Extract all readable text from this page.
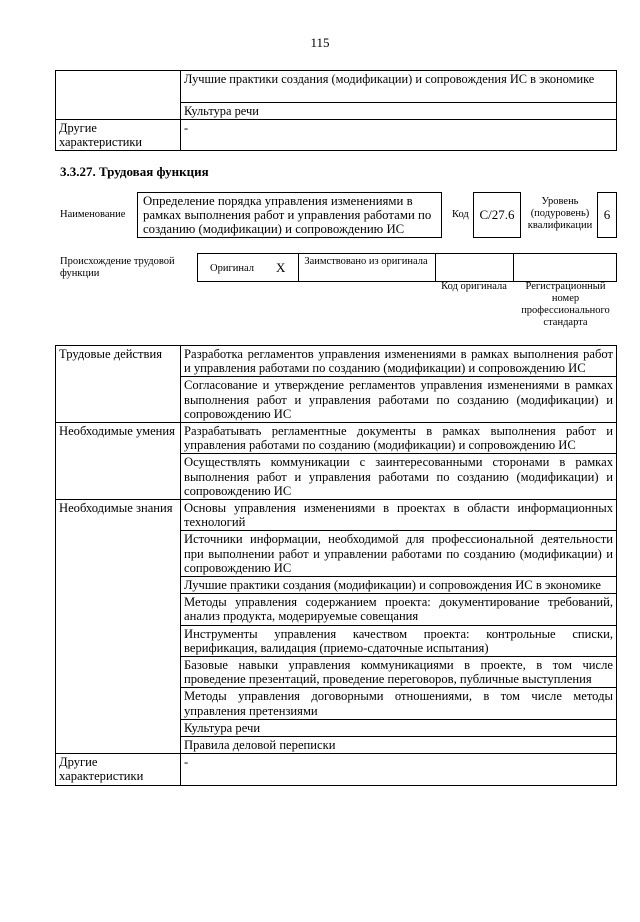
115
	Лучшие практики создания (модификации) и сопровождения ИС в экономике
	Культура речи
Другие характеристики	-
3.3.27. Трудовая функция
Наименование
Определение порядка управления изменениями в рамках выполнения работ и управления работами по созданию (модификации) и сопровождению ИС
Код C/27.6
Уровень (подуровень) квалификации
6
Происхождение трудовой функции	Оригинал X	Заимствовано из оригинала
Код оригинала	Регистрационный номер профессионального стандарта
Трудовые действия	Разработка регламентов управления изменениями в рамках выполнения работ и управления работами по созданию (модификации) и сопровождению ИС
	Согласование и утверждение регламентов управления изменениями в рамках выполнения работ и управления работами по созданию (модификации) и сопровождению ИС
Необходимые умения	Разрабатывать регламентные документы в рамках выполнения работ и управления работами по созданию (модификации) и сопровождению ИС
	Осуществлять коммуникации с заинтересованными сторонами в рамках выполнения работ и управления работами по созданию (модификации) и сопровождению ИС
Необходимые знания	Основы управления изменениями в проектах в области информационных технологий
	Источники информации, необходимой для профессиональной деятельности при выполнении работ и управлении работами по созданию (модификации) и сопровождению ИС
	Лучшие практики создания (модификации) и сопровождения ИС в экономике
	Методы управления содержанием проекта: документирование требований, анализ продукта, модерируемые совещания
	Инструменты управления качеством проекта: контрольные списки, верификация, валидация (приемо-сдаточные испытания)
	Базовые навыки управления коммуникациями в проекте, в том числе проведение презентаций, проведение переговоров, публичные выступления
	Методы управления договорными отношениями, в том числе методы управления претензиями
	Культура речи
	Правила деловой переписки
Другие характеристики	-
